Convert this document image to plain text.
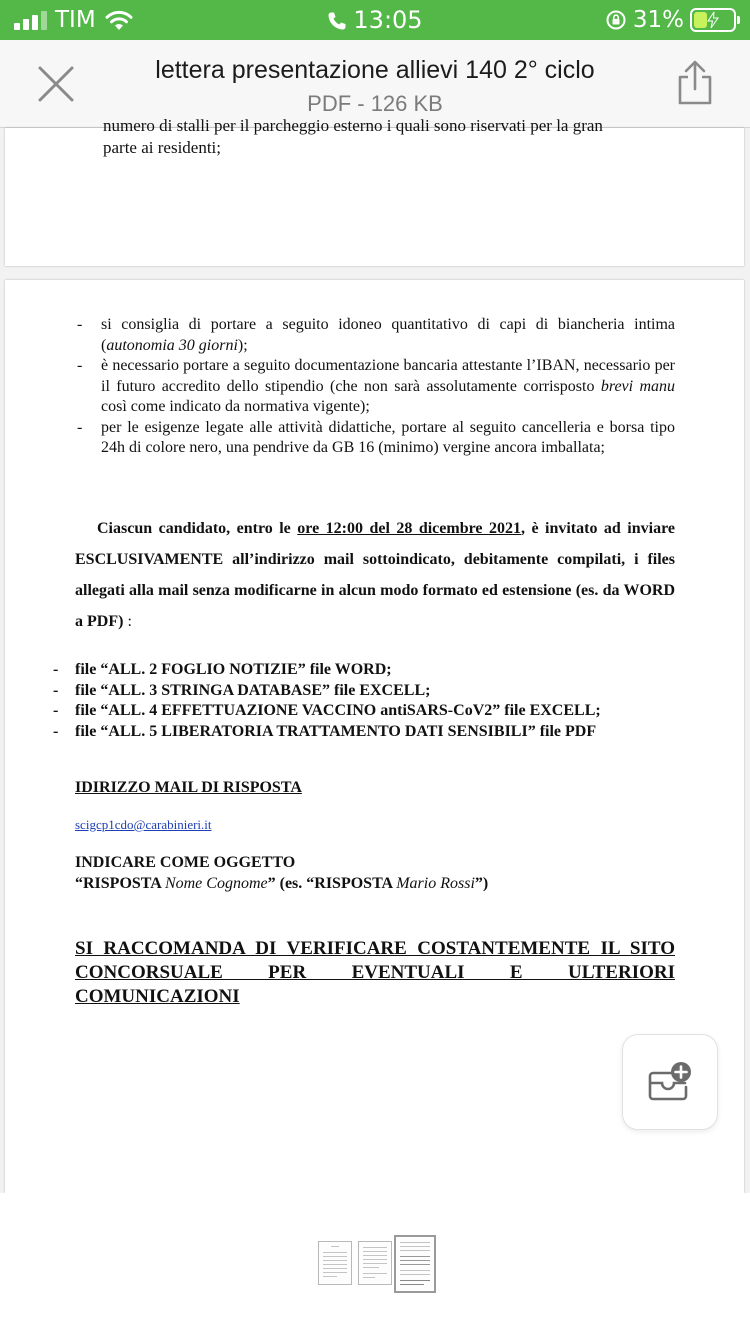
TIM	13:05	31%
lettera presentazione allievi 140 2° ciclo
PDF - 126 KB
numero di stalli per il parcheggio esterno i quali sono riservati per la gran
parte ai residenti;
- si consiglia di portare a seguito idoneo quantitativo di capi di biancheria intima (autonomia 30 giorni);
- è necessario portare a seguito documentazione bancaria attestante l’IBAN, necessario per il futuro accredito dello stipendio (che non sarà assolutamente corrisposto brevi manu così come indicato da normativa vigente);
- per le esigenze legate alle attività didattiche, portare al seguito cancelleria e borsa tipo 24h di colore nero, una pendrive da GB 16 (minimo) vergine ancora imballata;
Ciascun candidato, entro le ore 12:00 del 28 dicembre 2021, è invitato ad inviare ESCLUSIVAMENTE all’indirizzo mail sottoindicato, debitamente compilati, i files allegati alla mail senza modificarne in alcun modo formato ed estensione (es. da WORD a PDF) :
- file “ALL. 2 FOGLIO NOTIZIE” file WORD;
- file “ALL. 3 STRINGA DATABASE” file EXCELL;
- file “ALL. 4 EFFETTUAZIONE VACCINO antiSARS-CoV2” file EXCELL;
- file “ALL. 5 LIBERATORIA TRATTAMENTO DATI SENSIBILI” file PDF
IDIRIZZO MAIL DI RISPOSTA
scigcp1cdo@carabinieri.it
INDICARE COME OGGETTO
“RISPOSTA Nome Cognome” (es. “RISPOSTA Mario Rossi”)
SI RACCOMANDA DI VERIFICARE COSTANTEMENTE IL SITO CONCORSUALE PER EVENTUALI E ULTERIORI COMUNICAZIONI
